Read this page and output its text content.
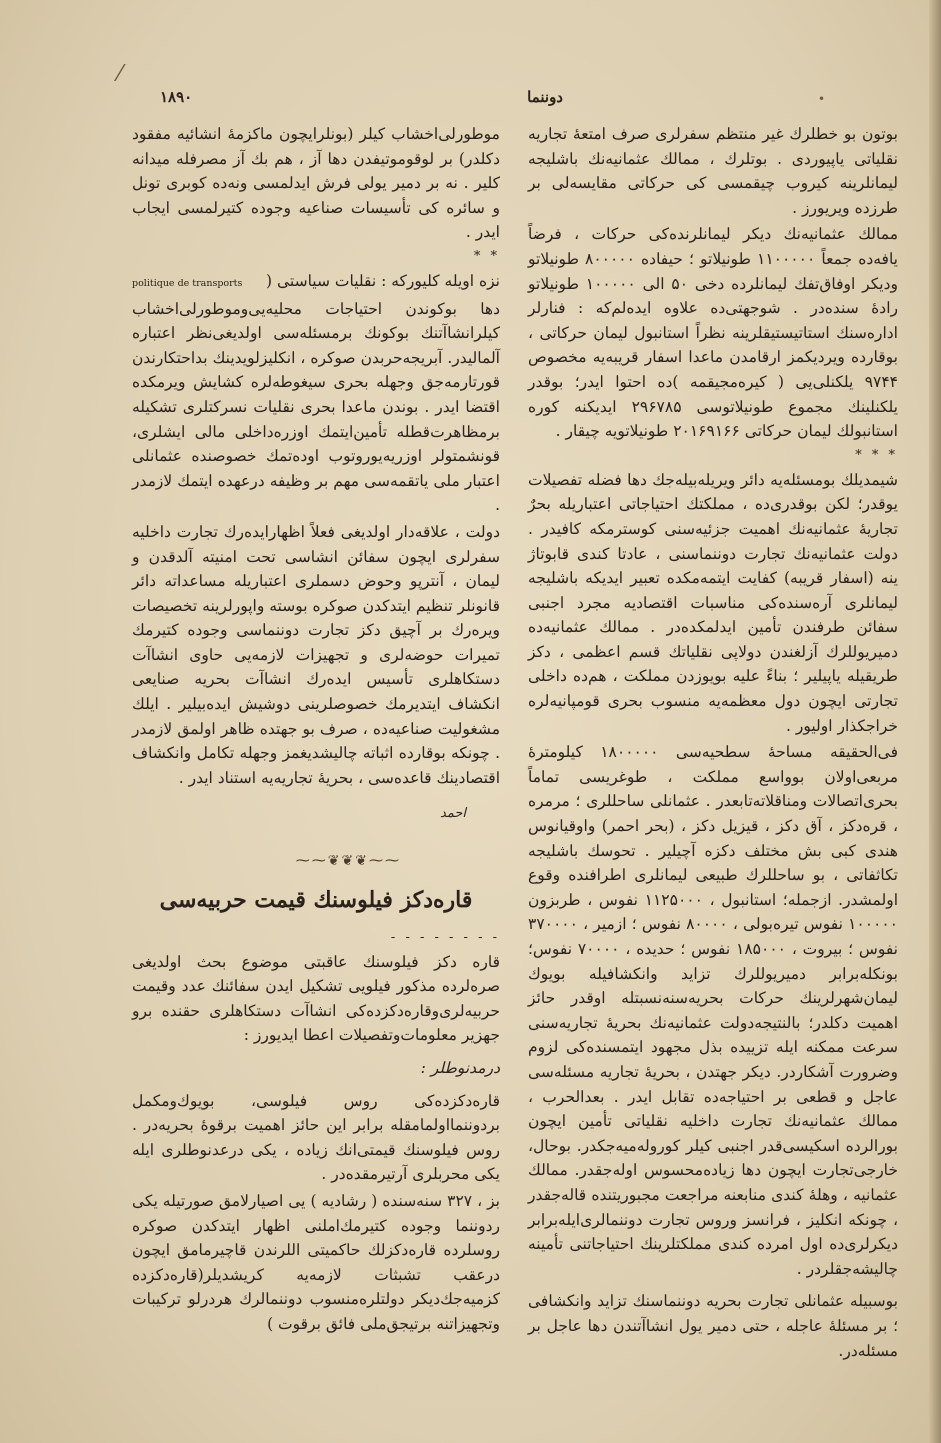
⁄
•
دوننما
۱۸۹۰

بوتون بو خطلرك غیر منتظم سفرلری صرف امتعهٔ تجاریه نقلیاتی یاپیوردی . بوتلرك ، ممالك عثمانیه‌نك باشلیجه لیمانلرینه کیروب چیقمسی کی حرکاتی مقایسه‌لی بر طرزده ویریورز .

ممالك عثمانیه‌نك دیکر لیمانلرنده‌کی حرکات ، فرضاً یافه‌ده جمعاً ۱۱۰۰۰۰۰ طونیلاتو ؛ حیفاده ۸۰۰۰۰۰ طونیلاتو ودیکر اوفاق‌تفك لیمانلرده دخی ۵۰ الی ۱۰۰۰۰۰ طونیلاتو رادهٔ سنده‌در . شوجهتی‌ده علاوه ایده‌لم‌که : فنارلر اداره‌سنك استاتیستیقلرینه نظراً استانبول لیمان حرکاتی ، بوقارده ویردیکمز ارقامدن ماعدا اسفار قریبه‌یه مخصوص ۹۷۴۴ یلکنلی‌یی ( کیره‌مجیقمه )ده احتوا ایدر؛ بوقدر یلکنلینك مجموع طونیلاتوسی ۲۹۶۷۸۵ ایدیکنه کوره استانبولك لیمان حرکاتی ۲۰۱۶۹۱۶۶ طونیلاتویه چیقار .

* * *

شیمدیلك بومسئله‌یه دائر ویریله‌بیله‌جك دها فضله تفصیلات یوقدر؛ لکن بوقدری‌ده ، مملکتك احتیاجاتی اعتباریله بحرٌ تجاریهٔ عثمانیه‌نك اهمیت جزئیه‌سنی کوسترمکه کافیدر . دولت عثمانیه‌نك تجارت دوننماسنی ، عادتا کندی قابوتاژ ینه (اسفار قریبه) کفایت ایتمه‌مکده تعبیر ایدیکه باشلیجه لیمانلری آره‌سنده‌کی مناسبات اقتصادیه مجرد اجنبی سفائن طرفندن تأمین ایدلمکده‌در . ممالك عثمانیه‌ده دمیریوللرك آزلغندن دولاپی نقلیاتك قسم اعظمی ، دکز طریقیله یاپیلیر ؛ بناءً علیه بویوزدن مملکت ، هم‌ده داخلی تجارتی ایچون دول معظمه‌یه منسوب بحری قومپانیه‌لره خراجکذار اولیور .

فی‌الحقیقه مساحهٔ سطحیه‌سی ۱۸۰۰۰۰۰ کیلومترهٔ مربعی‌اولان بوواسع مملکت ، طوغریسی تماماً بحری‌اتصالات ومناقلاته‌تابعدر . عثمانلی ساحللری ؛ مرمره ، قره‌دکز ، آق دکز ، قیزیل دکز ، (بحر احمر) واوقیانوس هندی کبی بش مختلف دکزه آچیلیر . تحوسك باشلیجه تکاثفاتی ، بو ساحللرك طبیعی لیمانلری اطرافنده وقوع اولمشدر. ازجمله؛ استانبول ، ۱۱۲۵۰۰۰ نفوس ، طربزون ۱۰۰۰۰۰ نفوس تیره‌بولی ، ۸۰۰۰۰ نفوس ؛ ازمیر ، ۳۷۰۰۰۰ نفوس ؛ بیروت ، ۱۸۵۰۰۰ نفوس ؛ حدیده ، ۷۰۰۰۰ نفوس؛ بونکله‌برابر دمیریوللرك تزاید وانکشافیله بویوك لیمان‌شهرلرینك حرکات بحریه‌سنه‌نسبتله اوقدر حائز اهمیت دکلدر؛ بالنتیجه‌دولت عثمانیه‌نك بحریهٔ تجاریه‌سنی سرعت ممکنه ایله تزییده بذل مجهود ایتمسنده‌کی لزوم وضرورت آشکاردر. دیکر جهتدن ، بحریهٔ تجاریه مسئله‌سی عاجل و قطعی بر احتیاجه‌ده تقابل ایدر . بعدالحرب ، ممالك عثمانیه‌نك تجارت داخلیه نقلیاتی تأمین ایچون بورالرده اسکیسی‌قدر اجنبی کیلر کوروله‌میه‌جکدر. بوحال، خارجی‌تجارت ایچون دها زیاده‌محسوس اوله‌جقدر. ممالك عثمانیه ، وهلهٔ کندی منابعنه مراجعت مجبوریتنده قاله‌جقدر ، چونکه انکلیز ، فرانسز وروس تجارت دوننمالری‌ایله‌برابر دیکرلری‌ده اول امرده کندی مملکتلرینك احتیاجاتنی تأمینه چالیشه‌جقلردر .

بوسبیله عثمانلی تجارت بحریه دوننماسنك تزاید وانکشافی ؛ بر مسئلهٔ عاجله ، حتی دمیر یول انشاآتندن دها عاجل بر مسئله‌در.

موطورلی‌اخشاب کیلر (بونلرایچون ماکزمهٔ انشائیه مفقود دکلدر) بر لوقوموتیفدن دها آز ، هم بك آز مصرفله میدانه کلیر . نه بر دمیر یولی فرش ایدلمسی ونه‌ده کوبری تونل و سائره کی تأسیسات صناعیه وجوده کتیرلمسی ایجاب ایدر .

* *
نزه اویله کلیورکه : نقلیات سیاستی (
politique de transports

دها بوکوندن احتیاجات محلیه‌یی‌وموطورلی‌اخشاب کیلرانشاآتنك بوکونك برمسئله‌سی اولدیغی‌نظر اعتباره آلمالیدر. آبریجه‌حربدن صوکره ، انکلیزلویدینك بداحتکارندن قورتارمه‌جق وجهله بحری سیغوطه‌لره کشایش ویرمکده اقتضا ایدر . بوندن ماعدا بحری نقلیات نسرکتلری تشکیله برمظاهرت‌قطله تأمین‌ایتمك اوزره‌داخلی مالی ایشلری، قونشمتولر اوزریه‌یوروتوب اوده‌تمك خصوصنده عثمانلی اعتبار ملی یاتقمه‌سی مهم بر وظیفه درعهده ایتمك لازمدر .

دولت ، علاقه‌دار اولدیغی فعلاً اظهارایده‌رك تجارت داخلیه سفرلری ایچون سفائن انشاسی تحت امنیته آلدقدن و لیمان ، آنترپو وحوض دسملری اعتباریله مساعداته دائر قانونلر تنظیم ایتدکدن صوکره بوسته واپورلرینه تخصیصات ویره‌رك بر آچیق دکز تجارت دوننماسی وجوده کتیرمك تمیرات حوضه‌لری و تجهیزات لازمه‌یی حاوی انشاآت دستکاهلری تأسیس ایده‌رك انشاآت بحریه صنایعی انکشاف ایتدیرمك خصوصلرینی دوشیش ایده‌بیلیر . ایلك مشغولیت صناعیه‌ده ، صرف بو جهتده ظاهر اولمق لازمدر . چونکه بوقارده اثباته چالیشدیغمز وجهله تکامل وانکشاف اقتصادینك قاعده‌سی ، بحریهٔ تجاریه‌یه استناد ایدر .

احمد
⁓⁓❦❦❦⁓⁓
قاره‌دکز فیلوسنك قیمت حربیه‌سی
- - - - - - - -

قاره دکز فیلوسنك عاقبتی موضوع بحث اولدیغی صره‌لرده مذکور فیلویی تشکیل ایدن سفائنك عدد وقیمت حربیه‌لری‌وقاره‌دکزده‌کی انشاآت دستکاهلری حقنده برو جهزیر معلومات‌وتفصیلات اعطا ایدیورز :

درمدنوطلر :

قاره‌دکزده‌کی روس فیلوسی، بویوك‌ومکمل بردوننما‌اولمامقله برابر این حائز اهمیت برقوهٔ بحریه‌در . روس فیلوسنك قیمتی‌انك زیاده ، یکی درعدنوطلری ایله یکی محربلری آرتیرمقده‌در .

بز ، ۳۲۷ سنه‌سنده ( رشادیه ) یی اصیارلامق صورتیله یکی ردوننما وجوده کتیرمك‌املنی اظهار ایتدکدن صوکره روسلرده قاره‌دکزلك حاکمیتی اللرندن قاچیرمامق ایچون درعقب تشبثات لازمه‌یه کریشدیلر(قاره‌دکزده کزمیه‌جك‌دیکر دولتلره‌منسوب دوننمالرك هردرلو ترکیبات وتجهیزاتنه برتیجق‌ملی فائق برقوت )
